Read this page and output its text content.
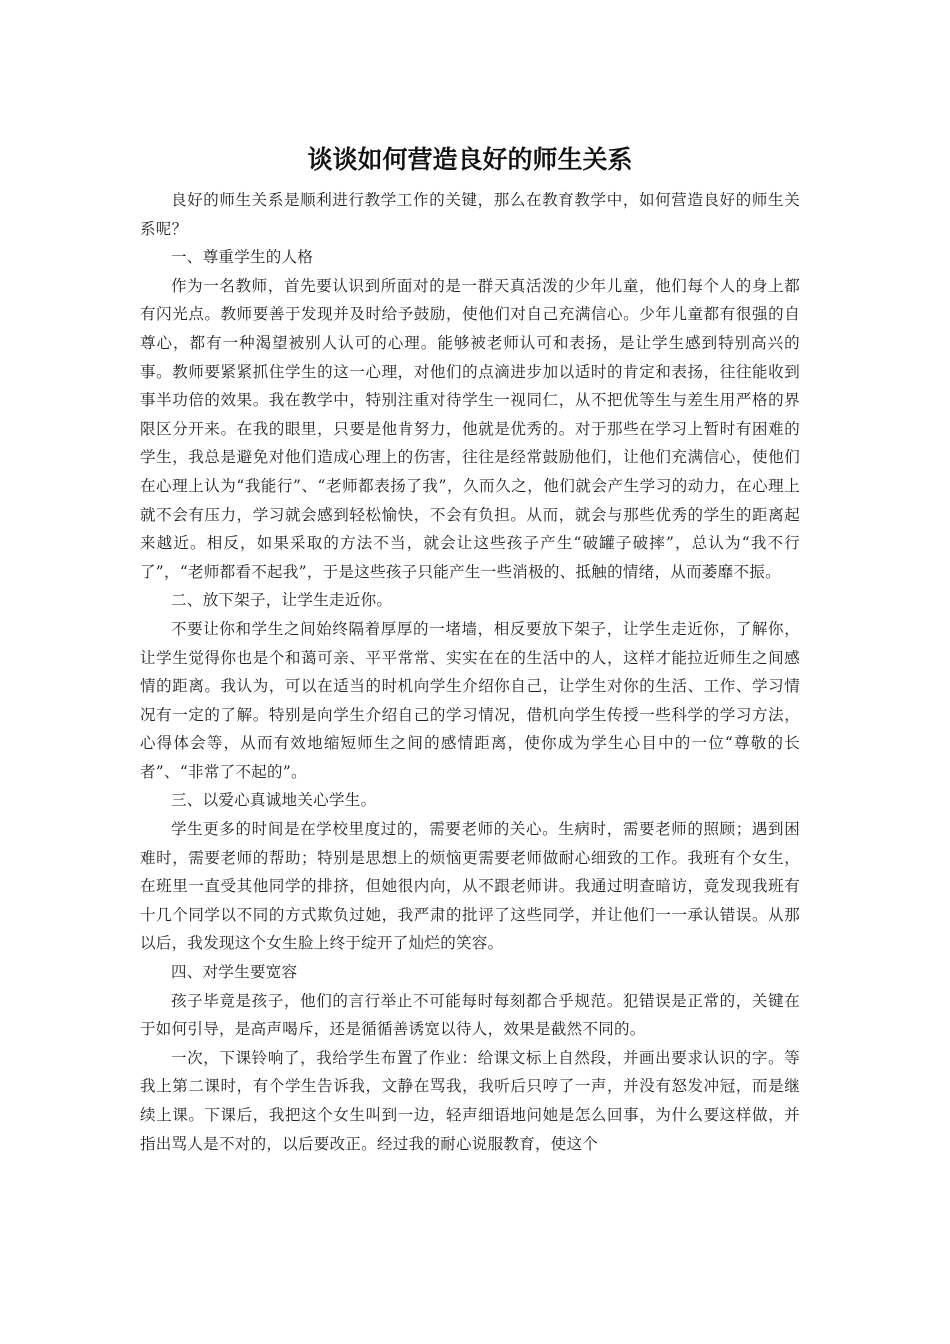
谈谈如何营造良好的师生关系

良好的师生关系是顺利进行教学工作的关键，那么在教育教学中，如何营造良好的师生关系呢？

一、尊重学生的人格

作为一名教师，首先要认识到所面对的是一群天真活泼的少年儿童，他们每个人的身上都有闪光点。教师要善于发现并及时给予鼓励，使他们对自己充满信心。少年儿童都有很强的自尊心，都有一种渴望被别人认可的心理。能够被老师认可和表扬，是让学生感到特别高兴的事。教师要紧紧抓住学生的这一心理，对他们的点滴进步加以适时的肯定和表扬，往往能收到事半功倍的效果。我在教学中，特别注重对待学生一视同仁，从不把优等生与差生用严格的界限区分开来。在我的眼里，只要是他肯努力，他就是优秀的。对于那些在学习上暂时有困难的学生，我总是避免对他们造成心理上的伤害，往往是经常鼓励他们，让他们充满信心，使他们在心理上认为“我能行”、“老师都表扬了我”，久而久之，他们就会产生学习的动力，在心理上就不会有压力，学习就会感到轻松愉快，不会有负担。从而，就会与那些优秀的学生的距离起来越近。相反，如果采取的方法不当，就会让这些孩子产生“破罐子破摔”，总认为“我不行了”，“老师都看不起我”，于是这些孩子只能产生一些消极的、抵触的情绪，从而萎靡不振。

二、放下架子，让学生走近你。

不要让你和学生之间始终隔着厚厚的一堵墙，相反要放下架子，让学生走近你，了解你，让学生觉得你也是个和蔼可亲、平平常常、实实在在的生活中的人，这样才能拉近师生之间感情的距离。我认为，可以在适当的时机向学生介绍你自己，让学生对你的生活、工作、学习情况有一定的了解。特别是向学生介绍自己的学习情况，借机向学生传授一些科学的学习方法，心得体会等，从而有效地缩短师生之间的感情距离，使你成为学生心目中的一位“尊敬的长者”、“非常了不起的”。

三、以爱心真诚地关心学生。

学生更多的时间是在学校里度过的，需要老师的关心。生病时，需要老师的照顾；遇到困难时，需要老师的帮助；特别是思想上的烦恼更需要老师做耐心细致的工作。我班有个女生，在班里一直受其他同学的排挤，但她很内向，从不跟老师讲。我通过明查暗访，竟发现我班有十几个同学以不同的方式欺负过她，我严肃的批评了这些同学，并让他们一一承认错误。从那以后，我发现这个女生脸上终于绽开了灿烂的笑容。

四、对学生要宽容

孩子毕竟是孩子，他们的言行举止不可能每时每刻都合乎规范。犯错误是正常的，关键在于如何引导，是高声喝斥，还是循循善诱宽以待人，效果是截然不同的。

一次，下课铃响了，我给学生布置了作业：给课文标上自然段，并画出要求认识的字。等我上第二课时，有个学生告诉我，文静在骂我，我听后只哼了一声，并没有怒发冲冠，而是继续上课。下课后，我把这个女生叫到一边，轻声细语地问她是怎么回事，为什么要这样做，并指出骂人是不对的，以后要改正。经过我的耐心说服教育，使这个
